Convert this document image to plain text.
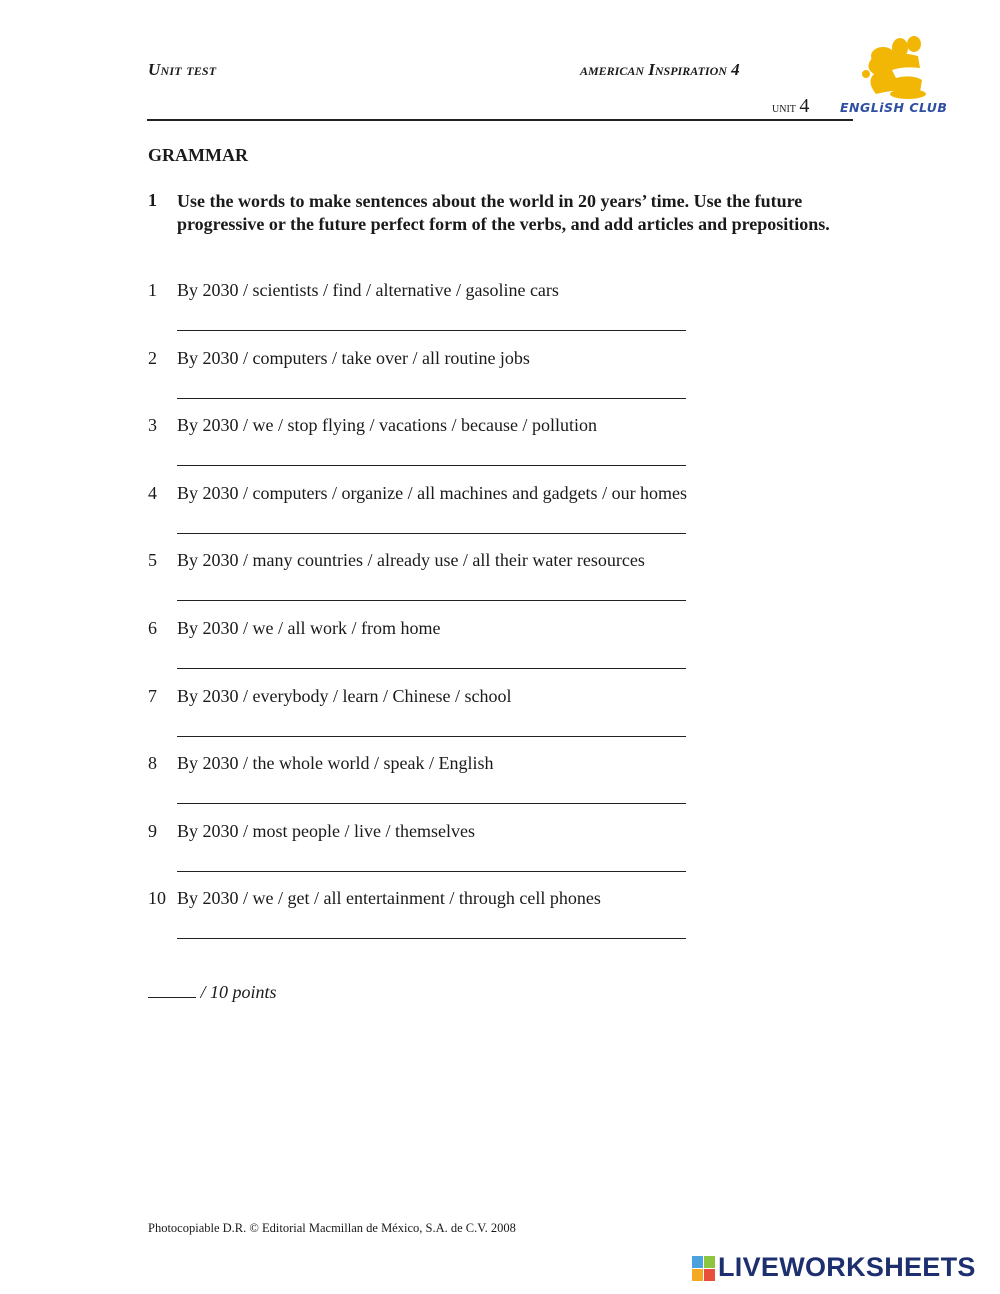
Unit test	american Inspiration 4
unit 4 ENGLiSH CLUB
GRAMMAR
1 Use the words to make sentences about the world in 20 years’ time. Use the future progressive or the future perfect form of the verbs, and add articles and prepositions.
1 By 2030 / scientists / find / alternative / gasoline cars
2 By 2030 / computers / take over / all routine jobs
3 By 2030 / we / stop flying / vacations / because / pollution
4 By 2030 / computers / organize / all machines and gadgets / our homes
5 By 2030 / many countries / already use / all their water resources
6 By 2030 / we / all work / from home
7 By 2030 / everybody / learn / Chinese / school
8 By 2030 / the whole world / speak / English
9 By 2030 / most people / live / themselves
10 By 2030 / we / get / all entertainment / through cell phones
/ 10 points
Photocopiable D.R. © Editorial Macmillan de México, S.A. de C.V. 2008
LIVEWORKSHEETS
